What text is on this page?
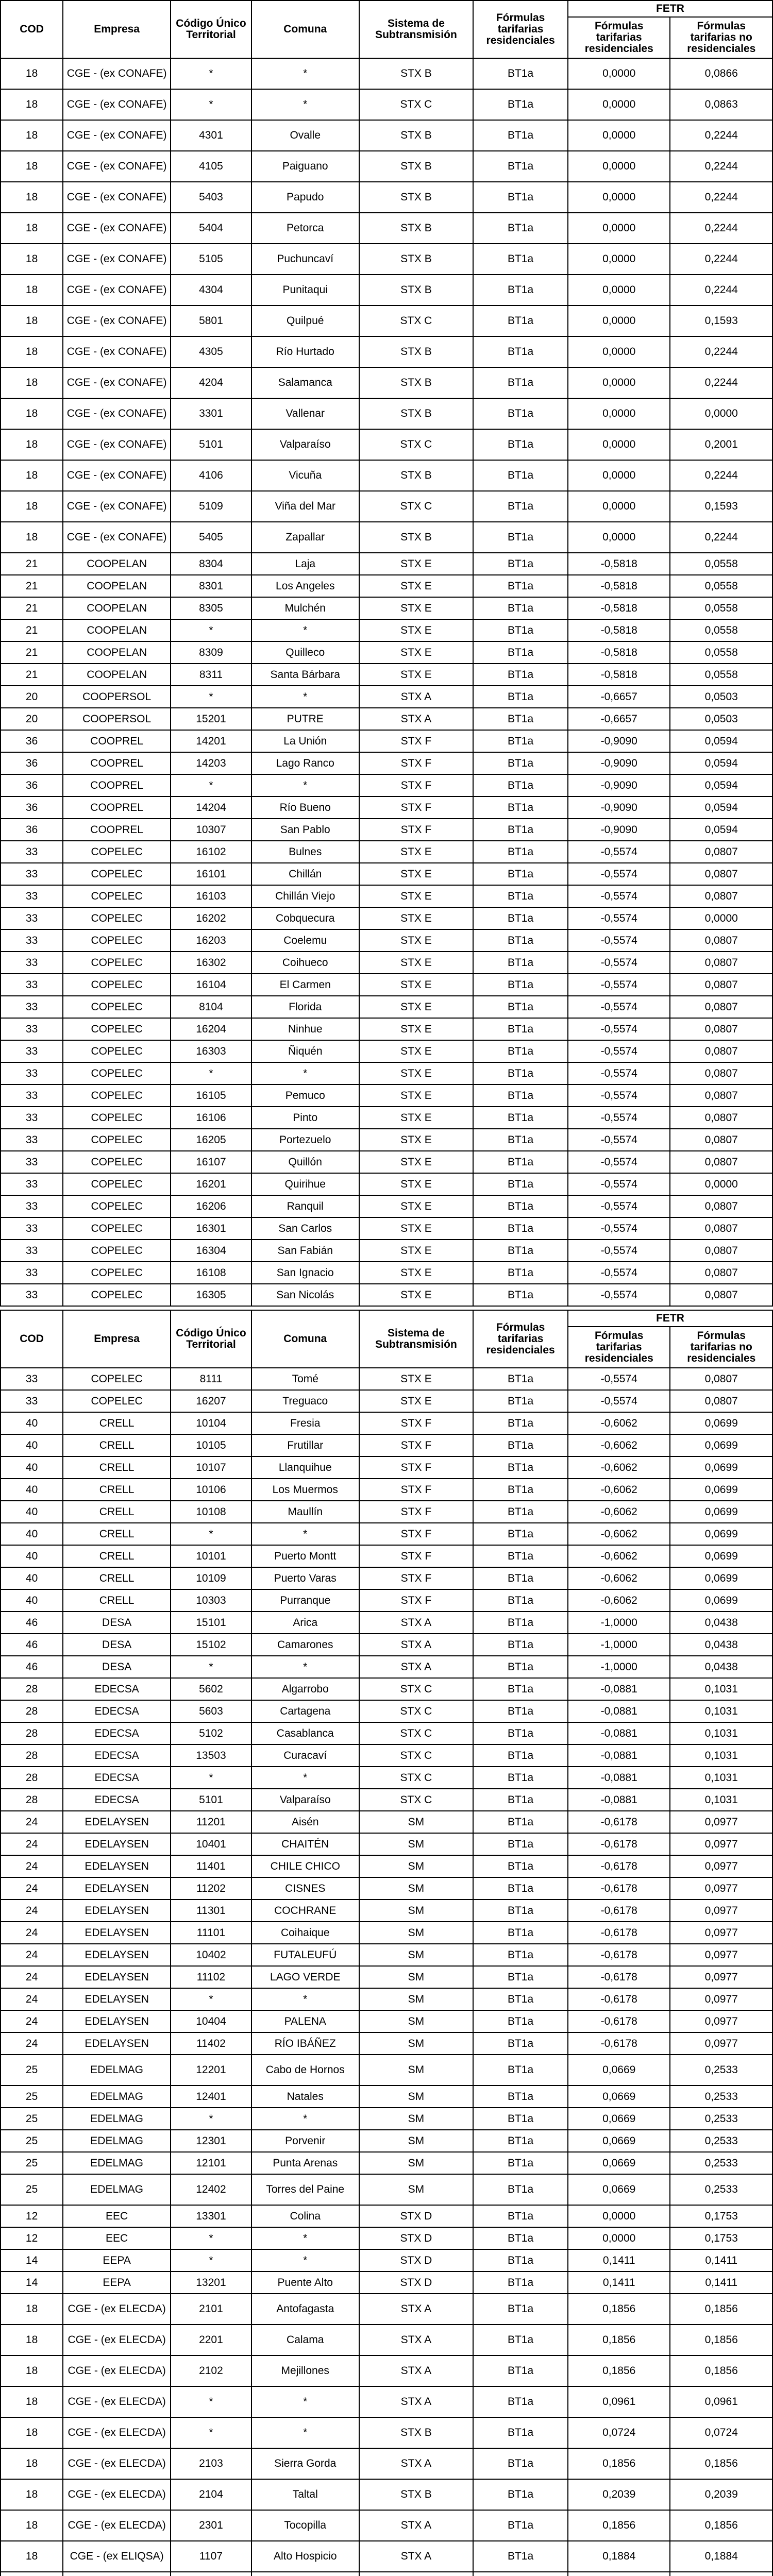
COD	Empresa	Código Único Territorial	Comuna	Sistema de Subtransmisión	Fórmulas tarifarias residenciales	FETR	
						Fórmulas tarifarias residenciales	Fórmulas tarifarias no residenciales
18	CGE - (ex CONAFE)	*	*	STX B	BT1a	0,0000	0,0866
18	CGE - (ex CONAFE)	*	*	STX C	BT1a	0,0000	0,0863
18	CGE - (ex CONAFE)	4301	Ovalle	STX B	BT1a	0,0000	0,2244
18	CGE - (ex CONAFE)	4105	Paiguano	STX B	BT1a	0,0000	0,2244
18	CGE - (ex CONAFE)	5403	Papudo	STX B	BT1a	0,0000	0,2244
18	CGE - (ex CONAFE)	5404	Petorca	STX B	BT1a	0,0000	0,2244
18	CGE - (ex CONAFE)	5105	Puchuncaví	STX B	BT1a	0,0000	0,2244
18	CGE - (ex CONAFE)	4304	Punitaqui	STX B	BT1a	0,0000	0,2244
18	CGE - (ex CONAFE)	5801	Quilpué	STX C	BT1a	0,0000	0,1593
18	CGE - (ex CONAFE)	4305	Río Hurtado	STX B	BT1a	0,0000	0,2244
18	CGE - (ex CONAFE)	4204	Salamanca	STX B	BT1a	0,0000	0,2244
18	CGE - (ex CONAFE)	3301	Vallenar	STX B	BT1a	0,0000	0,0000
18	CGE - (ex CONAFE)	5101	Valparaíso	STX C	BT1a	0,0000	0,2001
18	CGE - (ex CONAFE)	4106	Vicuña	STX B	BT1a	0,0000	0,2244
18	CGE - (ex CONAFE)	5109	Viña del Mar	STX C	BT1a	0,0000	0,1593
18	CGE - (ex CONAFE)	5405	Zapallar	STX B	BT1a	0,0000	0,2244
21	COOPELAN	8304	Laja	STX E	BT1a	-0,5818	0,0558
21	COOPELAN	8301	Los Angeles	STX E	BT1a	-0,5818	0,0558
21	COOPELAN	8305	Mulchén	STX E	BT1a	-0,5818	0,0558
21	COOPELAN	*	*	STX E	BT1a	-0,5818	0,0558
21	COOPELAN	8309	Quilleco	STX E	BT1a	-0,5818	0,0558
21	COOPELAN	8311	Santa Bárbara	STX E	BT1a	-0,5818	0,0558
20	COOPERSOL	*	*	STX A	BT1a	-0,6657	0,0503
20	COOPERSOL	15201	PUTRE	STX A	BT1a	-0,6657	0,0503
36	COOPREL	14201	La Unión	STX F	BT1a	-0,9090	0,0594
36	COOPREL	14203	Lago Ranco	STX F	BT1a	-0,9090	0,0594
36	COOPREL	*	*	STX F	BT1a	-0,9090	0,0594
36	COOPREL	14204	Río Bueno	STX F	BT1a	-0,9090	0,0594
36	COOPREL	10307	San Pablo	STX F	BT1a	-0,9090	0,0594
33	COPELEC	16102	Bulnes	STX E	BT1a	-0,5574	0,0807
33	COPELEC	16101	Chillán	STX E	BT1a	-0,5574	0,0807
33	COPELEC	16103	Chillán Viejo	STX E	BT1a	-0,5574	0,0807
33	COPELEC	16202	Cobquecura	STX E	BT1a	-0,5574	0,0000
33	COPELEC	16203	Coelemu	STX E	BT1a	-0,5574	0,0807
33	COPELEC	16302	Coihueco	STX E	BT1a	-0,5574	0,0807
33	COPELEC	16104	El Carmen	STX E	BT1a	-0,5574	0,0807
33	COPELEC	8104	Florida	STX E	BT1a	-0,5574	0,0807
33	COPELEC	16204	Ninhue	STX E	BT1a	-0,5574	0,0807
33	COPELEC	16303	Ñiquén	STX E	BT1a	-0,5574	0,0807
33	COPELEC	*	*	STX E	BT1a	-0,5574	0,0807
33	COPELEC	16105	Pemuco	STX E	BT1a	-0,5574	0,0807
33	COPELEC	16106	Pinto	STX E	BT1a	-0,5574	0,0807
33	COPELEC	16205	Portezuelo	STX E	BT1a	-0,5574	0,0807
33	COPELEC	16107	Quillón	STX E	BT1a	-0,5574	0,0807
33	COPELEC	16201	Quirihue	STX E	BT1a	-0,5574	0,0000
33	COPELEC	16206	Ranquil	STX E	BT1a	-0,5574	0,0807
33	COPELEC	16301	San Carlos	STX E	BT1a	-0,5574	0,0807
33	COPELEC	16304	San Fabián	STX E	BT1a	-0,5574	0,0807
33	COPELEC	16108	San Ignacio	STX E	BT1a	-0,5574	0,0807
33	COPELEC	16305	San Nicolás	STX E	BT1a	-0,5574	0,0807
COD	Empresa	Código Único Territorial	Comuna	Sistema de Subtransmisión	Fórmulas tarifarias residenciales	FETR	
						Fórmulas tarifarias residenciales	Fórmulas tarifarias no residenciales
33	COPELEC	8111	Tomé	STX E	BT1a	-0,5574	0,0807
33	COPELEC	16207	Treguaco	STX E	BT1a	-0,5574	0,0807
40	CRELL	10104	Fresia	STX F	BT1a	-0,6062	0,0699
40	CRELL	10105	Frutillar	STX F	BT1a	-0,6062	0,0699
40	CRELL	10107	Llanquihue	STX F	BT1a	-0,6062	0,0699
40	CRELL	10106	Los Muermos	STX F	BT1a	-0,6062	0,0699
40	CRELL	10108	Maullín	STX F	BT1a	-0,6062	0,0699
40	CRELL	*	*	STX F	BT1a	-0,6062	0,0699
40	CRELL	10101	Puerto Montt	STX F	BT1a	-0,6062	0,0699
40	CRELL	10109	Puerto Varas	STX F	BT1a	-0,6062	0,0699
40	CRELL	10303	Purranque	STX F	BT1a	-0,6062	0,0699
46	DESA	15101	Arica	STX A	BT1a	-1,0000	0,0438
46	DESA	15102	Camarones	STX A	BT1a	-1,0000	0,0438
46	DESA	*	*	STX A	BT1a	-1,0000	0,0438
28	EDECSA	5602	Algarrobo	STX C	BT1a	-0,0881	0,1031
28	EDECSA	5603	Cartagena	STX C	BT1a	-0,0881	0,1031
28	EDECSA	5102	Casablanca	STX C	BT1a	-0,0881	0,1031
28	EDECSA	13503	Curacaví	STX C	BT1a	-0,0881	0,1031
28	EDECSA	*	*	STX C	BT1a	-0,0881	0,1031
28	EDECSA	5101	Valparaíso	STX C	BT1a	-0,0881	0,1031
24	EDELAYSEN	11201	Aisén	SM	BT1a	-0,6178	0,0977
24	EDELAYSEN	10401	CHAITÉN	SM	BT1a	-0,6178	0,0977
24	EDELAYSEN	11401	CHILE CHICO	SM	BT1a	-0,6178	0,0977
24	EDELAYSEN	11202	CISNES	SM	BT1a	-0,6178	0,0977
24	EDELAYSEN	11301	COCHRANE	SM	BT1a	-0,6178	0,0977
24	EDELAYSEN	11101	Coihaique	SM	BT1a	-0,6178	0,0977
24	EDELAYSEN	10402	FUTALEUFÚ	SM	BT1a	-0,6178	0,0977
24	EDELAYSEN	11102	LAGO VERDE	SM	BT1a	-0,6178	0,0977
24	EDELAYSEN	*	*	SM	BT1a	-0,6178	0,0977
24	EDELAYSEN	10404	PALENA	SM	BT1a	-0,6178	0,0977
24	EDELAYSEN	11402	RÍO IBÁÑEZ	SM	BT1a	-0,6178	0,0977
25	EDELMAG	12201	Cabo de Hornos	SM	BT1a	0,0669	0,2533
25	EDELMAG	12401	Natales	SM	BT1a	0,0669	0,2533
25	EDELMAG	*	*	SM	BT1a	0,0669	0,2533
25	EDELMAG	12301	Porvenir	SM	BT1a	0,0669	0,2533
25	EDELMAG	12101	Punta Arenas	SM	BT1a	0,0669	0,2533
25	EDELMAG	12402	Torres del Paine	SM	BT1a	0,0669	0,2533
12	EEC	13301	Colina	STX D	BT1a	0,0000	0,1753
12	EEC	*	*	STX D	BT1a	0,0000	0,1753
14	EEPA	*	*	STX D	BT1a	0,1411	0,1411
14	EEPA	13201	Puente Alto	STX D	BT1a	0,1411	0,1411
18	CGE - (ex ELECDA)	2101	Antofagasta	STX A	BT1a	0,1856	0,1856
18	CGE - (ex ELECDA)	2201	Calama	STX A	BT1a	0,1856	0,1856
18	CGE - (ex ELECDA)	2102	Mejillones	STX A	BT1a	0,1856	0,1856
18	CGE - (ex ELECDA)	*	*	STX A	BT1a	0,0961	0,0961
18	CGE - (ex ELECDA)	*	*	STX B	BT1a	0,0724	0,0724
18	CGE - (ex ELECDA)	2103	Sierra Gorda	STX A	BT1a	0,1856	0,1856
18	CGE - (ex ELECDA)	2104	Taltal	STX B	BT1a	0,2039	0,2039
18	CGE - (ex ELECDA)	2301	Tocopilla	STX A	BT1a	0,1856	0,1856
18	CGE - (ex ELIQSA)	1107	Alto Hospicio	STX A	BT1a	0,1884	0,1884
